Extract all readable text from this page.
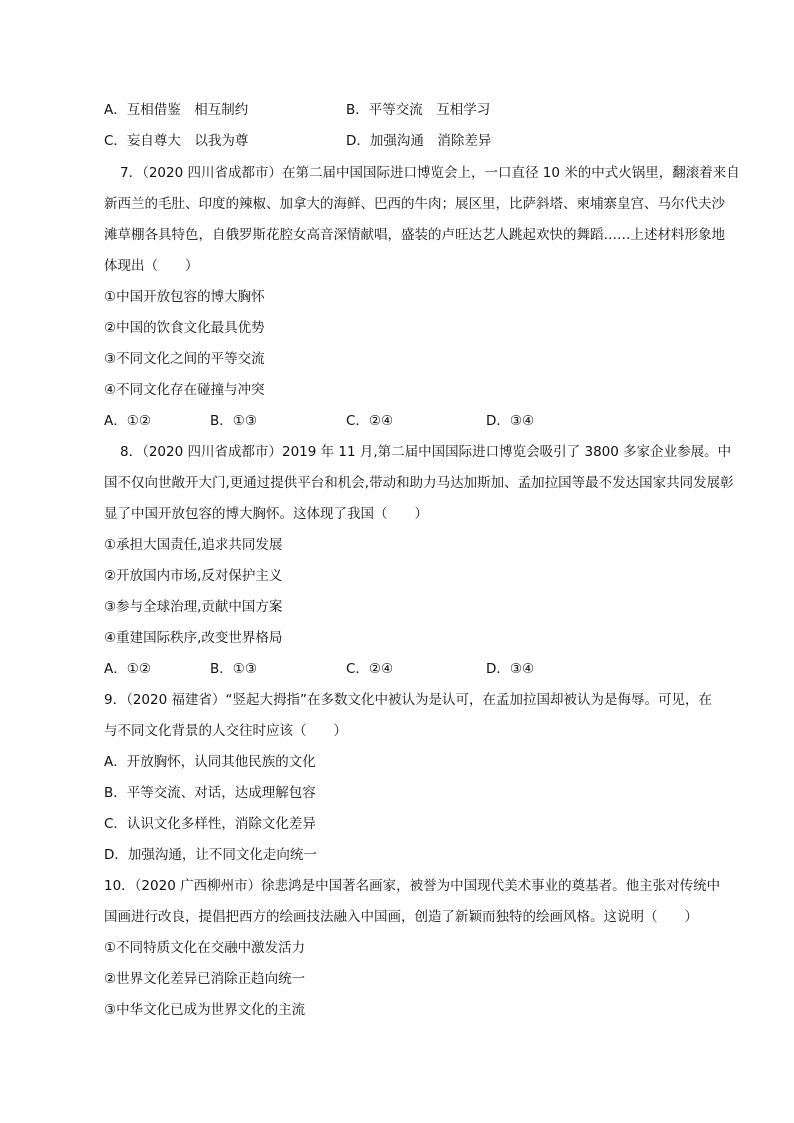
A．互相借鉴　相互制约	B．平等交流　互相学习
C．妄自尊大　以我为尊	D．加强沟通　消除差异
7．（2020 四川省成都市）在第二届中国国际进口博览会上，一口直径 10 米的中式火锅里，翻滚着来自
新西兰的毛肚、印度的辣椒、加拿大的海鲜、巴西的牛肉；展区里，比萨斜塔、柬埔寨皇宫、马尔代夫沙
滩草棚各具特色，自俄罗斯花腔女高音深情献唱，盛装的卢旺达艺人跳起欢快的舞蹈……上述材料形象地
体现出（　　）
①中国开放包容的博大胸怀
②中国的饮食文化最具优势
③不同文化之间的平等交流
④不同文化存在碰撞与冲突
A．①②	B．①③	C．②④	D．③④
8．（2020 四川省成都市）2019 年 11 月,第二届中国国际进口博览会吸引了 3800 多家企业参展。中
国不仅向世敞开大门,更通过提供平台和机会,带动和助力马达加斯加、孟加拉国等最不发达国家共同发展彰
显了中国开放包容的博大胸怀。这体现了我国（　　）
①承担大国责任,追求共同发展
②开放国内市场,反对保护主义
③参与全球治理,贡献中国方案
④重建国际秩序,改变世界格局
A．①②	B．①③	C．②④	D．③④
9．（2020 福建省）“竖起大拇指”在多数文化中被认为是认可，在孟加拉国却被认为是侮辱。可见，在
与不同文化背景的人交往时应该（　　）
A．开放胸怀，认同其他民族的文化
B．平等交流、对话，达成理解包容
C．认识文化多样性，消除文化差异
D．加强沟通，让不同文化走向统一
10．（2020 广西柳州市）徐悲鸿是中国著名画家，被誉为中国现代美术事业的奠基者。他主张对传统中
国画进行改良，提倡把西方的绘画技法融入中国画，创造了新颖而独特的绘画风格。这说明（　　）
①不同特质文化在交融中激发活力
②世界文化差异已消除正趋向统一
③中华文化已成为世界文化的主流
